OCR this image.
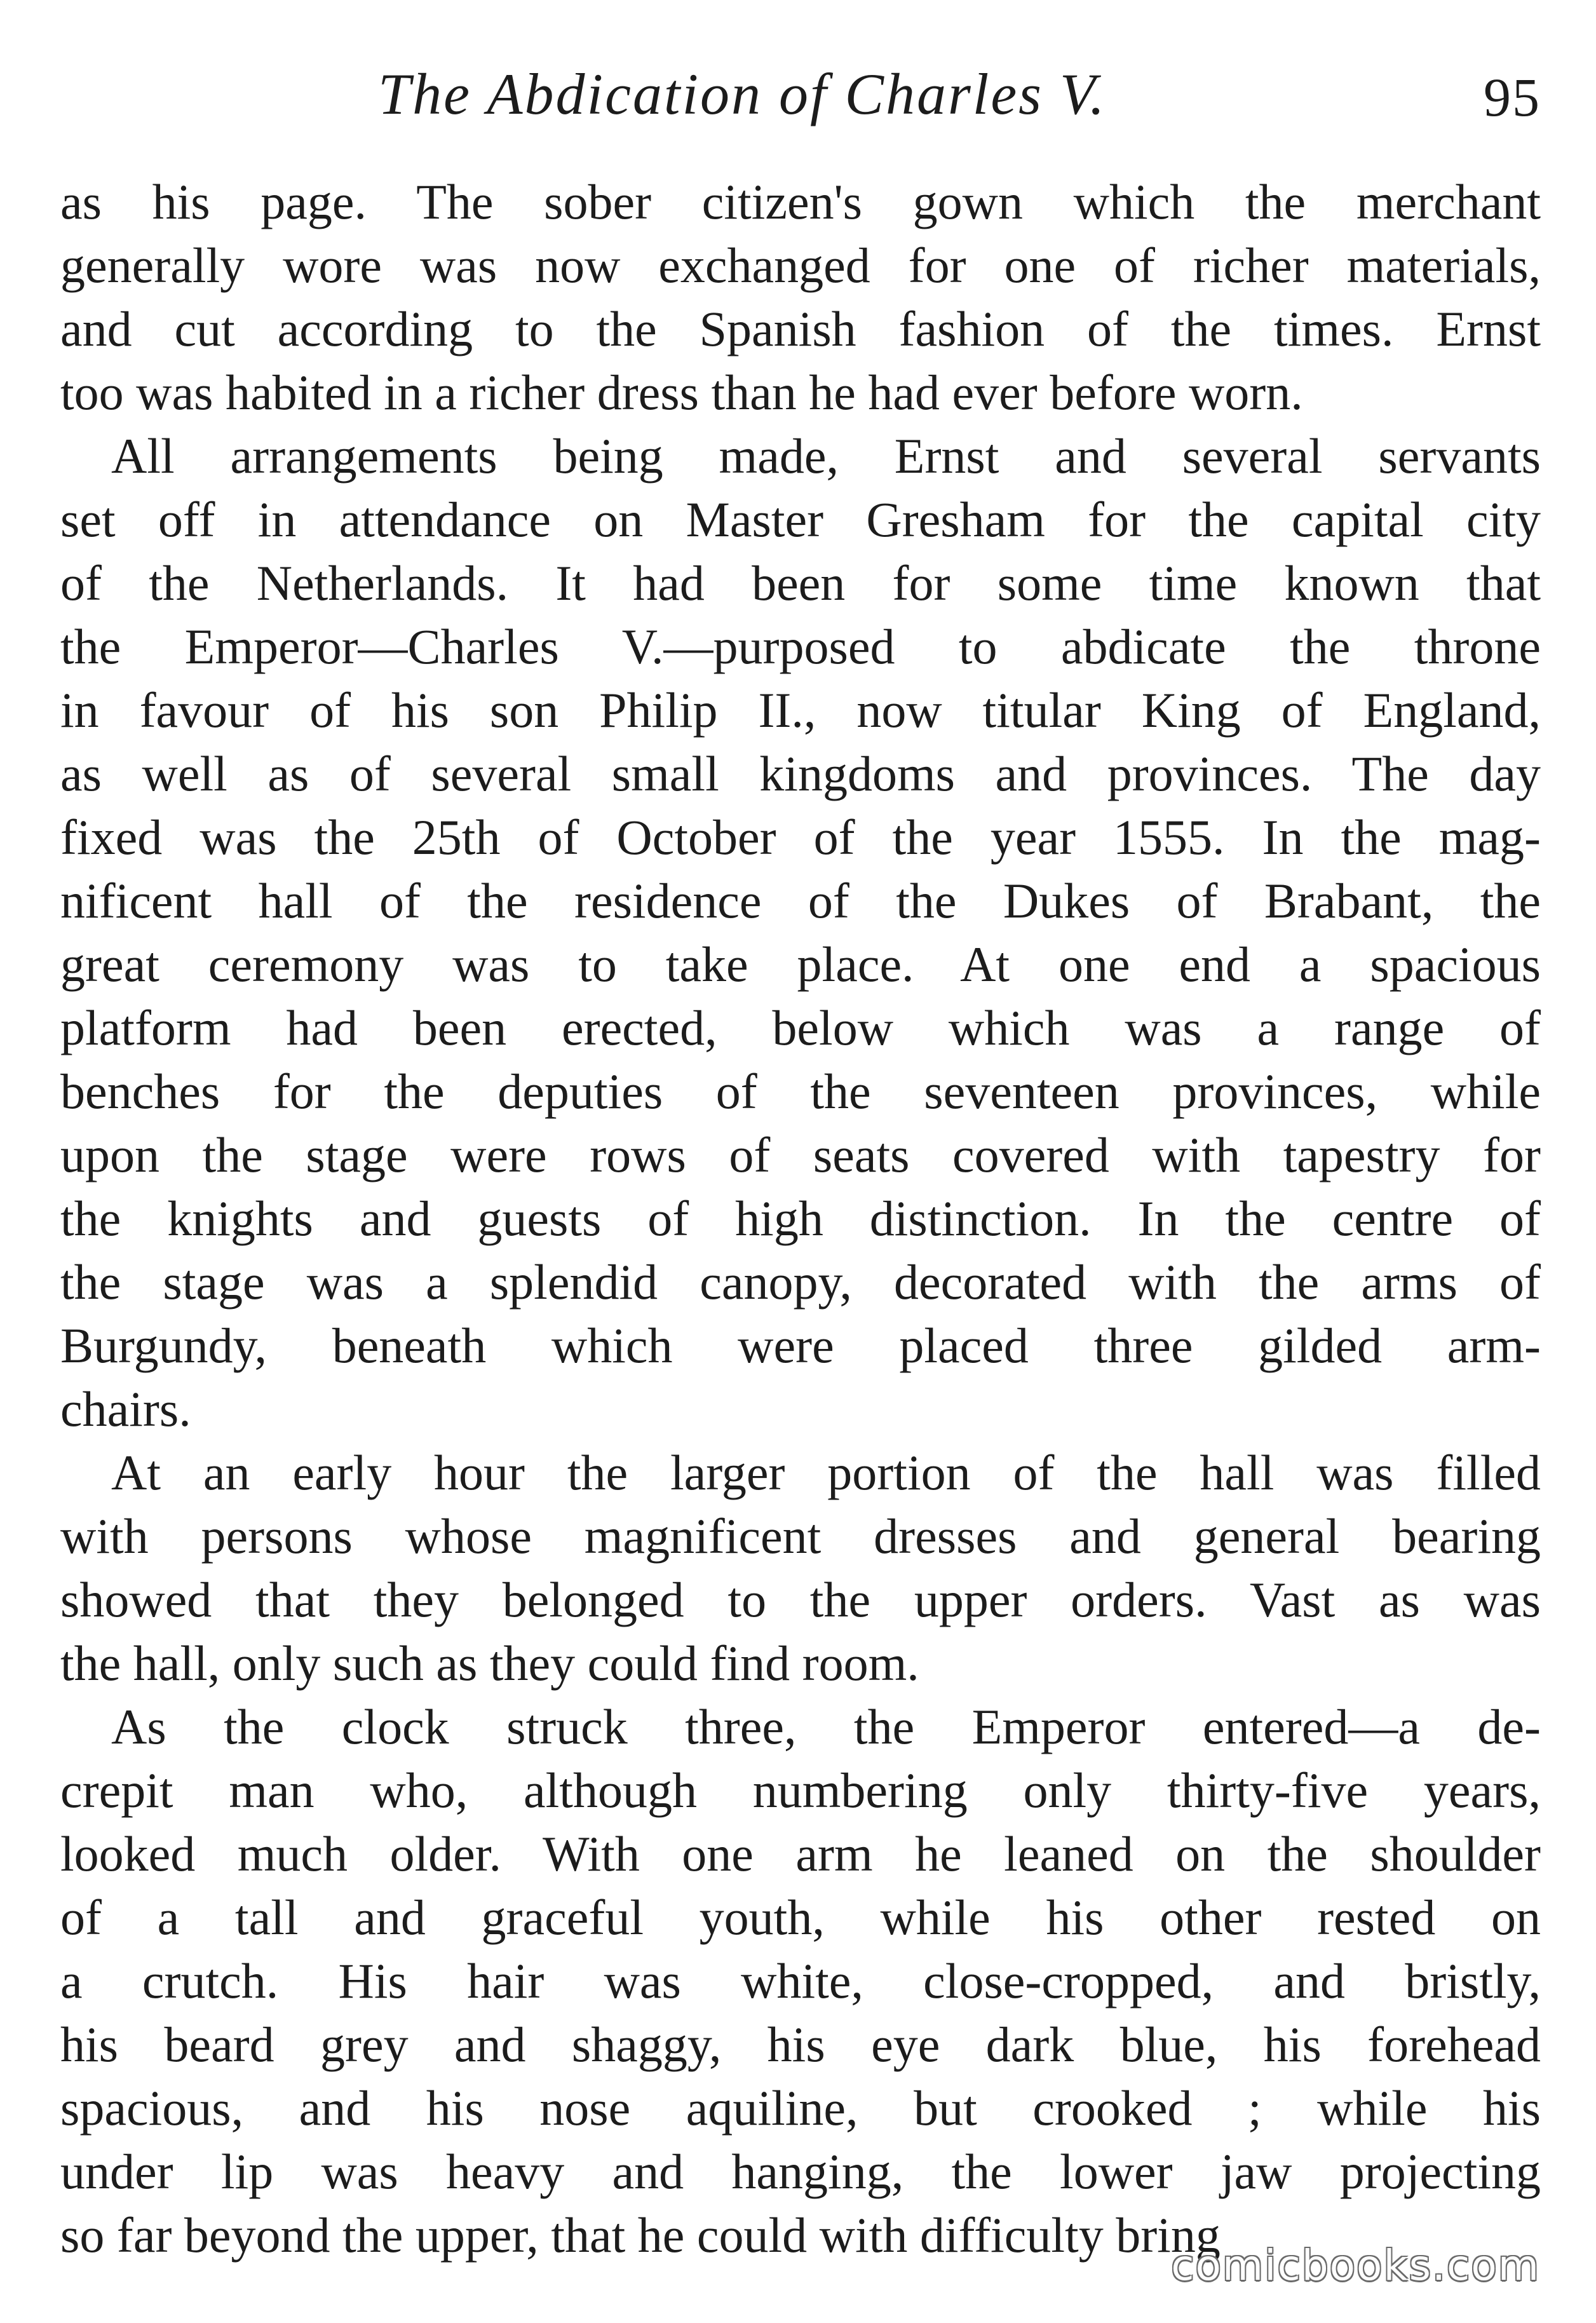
The Abdication of Charles V.	95
as his page. The sober citizen's gown which the merchant
generally wore was now exchanged for one of richer materials,
and cut according to the Spanish fashion of the times. Ernst
too was habited in a richer dress than he had ever before worn.
All arrangements being made, Ernst and several servants
set off in attendance on Master Gresham for the capital city
of the Netherlands. It had been for some time known that
the Emperor—Charles V.—purposed to abdicate the throne
in favour of his son Philip II., now titular King of England,
as well as of several small kingdoms and provinces. The day
fixed was the 25th of October of the year 1555. In the mag-
nificent hall of the residence of the Dukes of Brabant, the
great ceremony was to take place. At one end a spacious
platform had been erected, below which was a range of
benches for the deputies of the seventeen provinces, while
upon the stage were rows of seats covered with tapestry for
the knights and guests of high distinction. In the centre of
the stage was a splendid canopy, decorated with the arms of
Burgundy, beneath which were placed three gilded arm-
chairs.
At an early hour the larger portion of the hall was filled
with persons whose magnificent dresses and general bearing
showed that they belonged to the upper orders. Vast as was
the hall, only such as they could find room.
As the clock struck three, the Emperor entered—a de-
crepit man who, although numbering only thirty-five years,
looked much older. With one arm he leaned on the shoulder
of a tall and graceful youth, while his other rested on
a crutch. His hair was white, close-cropped, and bristly,
his beard grey and shaggy, his eye dark blue, his forehead
spacious, and his nose aquiline, but crooked ; while his
under lip was heavy and hanging, the lower jaw projecting
so far beyond the upper, that he could with difficulty bring
comicbooks.com
